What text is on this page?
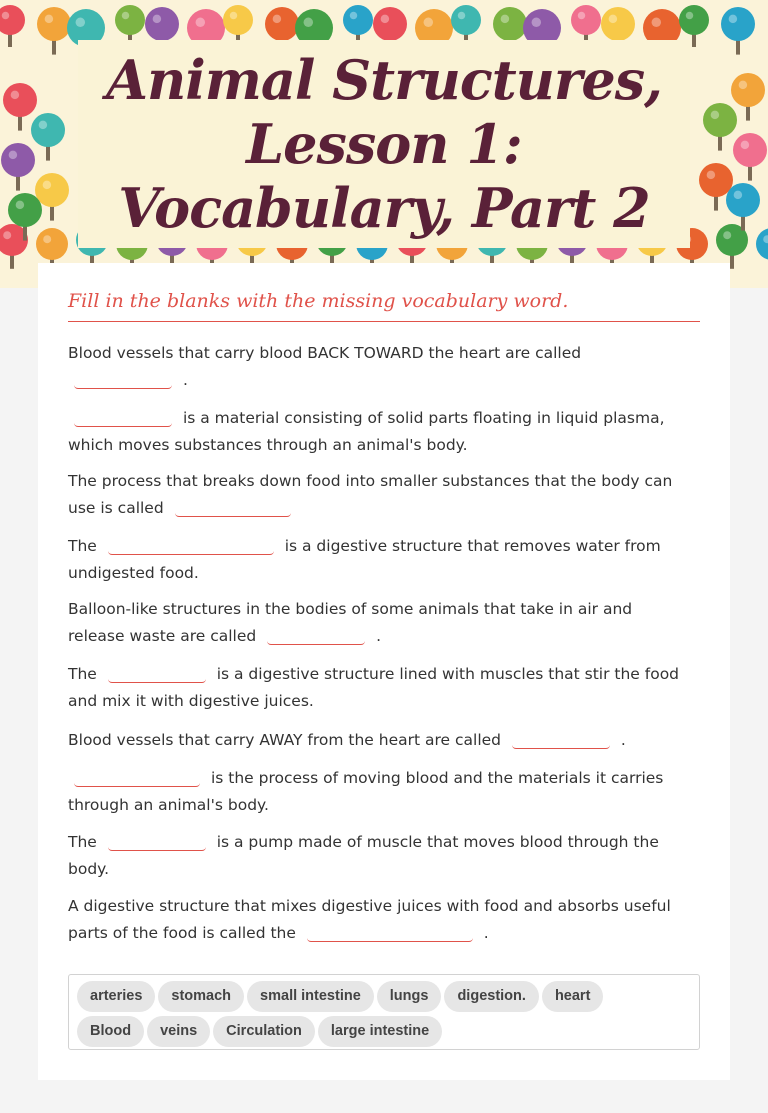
Animal Structures, Lesson 1: Vocabulary, Part 2
Fill in the blanks with the missing vocabulary word.
Blood vessels that carry blood BACK TOWARD the heart are called
.
is a material consisting of solid parts floating in liquid plasma, which moves substances through an animal's body.
The process that breaks down food into smaller substances that the body can use is called
The	is a digestive structure that removes water from undigested food.
Balloon-like structures in the bodies of some animals that take in air and release waste are called	.
The	is a digestive structure lined with muscles that stir the food and mix it with digestive juices.
Blood vessels that carry AWAY from the heart are called	.
is the process of moving blood and the materials it carries through an animal's body.
The	is a pump made of muscle that moves blood through the body.
A digestive structure that mixes digestive juices with food and absorbs useful parts of the food is called the	.
arteries stomach small intestine lungs digestion. heart
Blood veins Circulation large intestine
